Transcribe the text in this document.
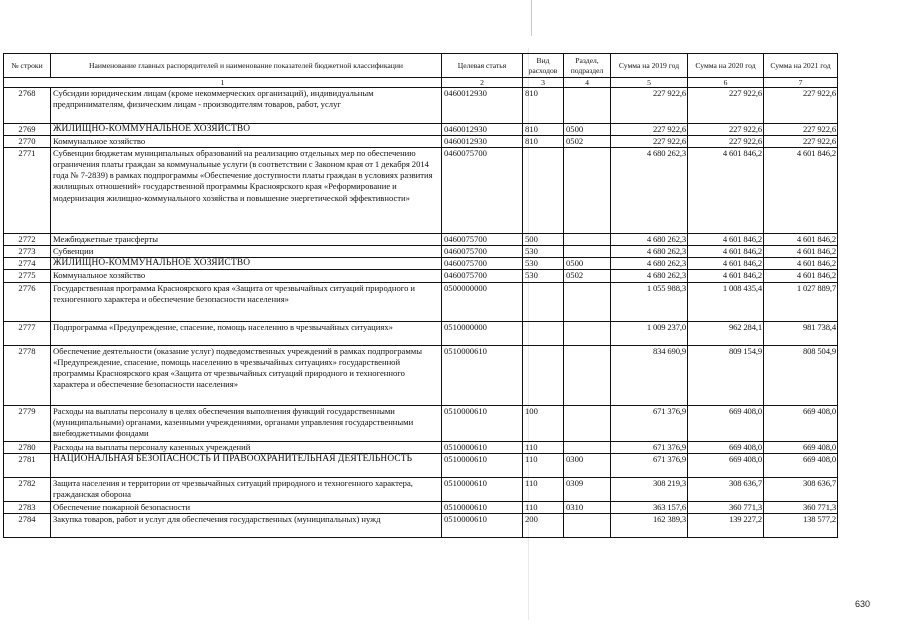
№ строки	Наименование главных распорядителей и наименование показателей бюджетной классификации	Целевая статья	Вид расходов	Раздел, подраздел	Сумма на 2019 год	Сумма на 2020 год	Сумма на 2021 год
1		2	3	4	5	6	7
2768	Субсидии юридическим лицам (кроме некоммерческих организаций), индивидуальным предпринимателям, физическим лицам - производителям товаров, работ, услуг	0460012930	810		227 922,6	227 922,6	227 922,6
2769	ЖИЛИЩНО-КОММУНАЛЬНОЕ ХОЗЯЙСТВО	0460012930	810	0500	227 922,6	227 922,6	227 922,6
2770	Коммунальное хозяйство	0460012930	810	0502	227 922,6	227 922,6	227 922,6
2771	Субвенции бюджетам муниципальных образований на реализацию отдельных мер по обеспечению ограничения платы граждан за коммунальные услуги (в соответствии с Законом края от 1 декабря 2014 года № 7-2839) в рамках подпрограммы «Обеспечение доступности платы граждан в условиях развития жилищных отношений» государственной программы Красноярского края «Реформирование и модернизация жилищно-коммунального хозяйства и повышение энергетической эффективности»	0460075700			4 680 262,3	4 601 846,2	4 601 846,2
2772	Межбюджетные трансферты	0460075700	500		4 680 262,3	4 601 846,2	4 601 846,2
2773	Субвенции	0460075700	530		4 680 262,3	4 601 846,2	4 601 846,2
2774	ЖИЛИЩНО-КОММУНАЛЬНОЕ ХОЗЯЙСТВО	0460075700	530	0500	4 680 262,3	4 601 846,2	4 601 846,2
2775	Коммунальное хозяйство	0460075700	530	0502	4 680 262,3	4 601 846,2	4 601 846,2
2776	Государственная программа Красноярского края «Защита от чрезвычайных ситуаций природного и техногенного характера и обеспечение безопасности населения»	0500000000			1 055 988,3	1 008 435,4	1 027 889,7
2777	Подпрограмма «Предупреждение, спасение, помощь населению в чрезвычайных ситуациях»	0510000000			1 009 237,0	962 284,1	981 738,4
2778	Обеспечение деятельности (оказание услуг) подведомственных учреждений в рамках подпрограммы «Предупреждение, спасение, помощь населению в чрезвычайных ситуациях» государственной программы Красноярского края «Защита от чрезвычайных ситуаций природного и техногенного характера и обеспечение безопасности населения»	0510000610			834 690,9	809 154,9	808 504,9
2779	Расходы на выплаты персоналу в целях обеспечения выполнения функций государственными (муниципальными) органами, казенными учреждениями, органами управления государственными внебюджетными фондами	0510000610	100		671 376,9	669 408,0	669 408,0
2780	Расходы на выплаты персоналу казенных учреждений	0510000610	110		671 376,9	669 408,0	669 408,0
2781	НАЦИОНАЛЬНАЯ БЕЗОПАСНОСТЬ И ПРАВООХРАНИТЕЛЬНАЯ ДЕЯТЕЛЬНОСТЬ	0510000610	110	0300	671 376,9	669 408,0	669 408,0
2782	Защита населения и территории от чрезвычайных ситуаций природного и техногенного характера, гражданская оборона	0510000610	110	0309	308 219,3	308 636,7	308 636,7
2783	Обеспечение пожарной безопасности	0510000610	110	0310	363 157,6	360 771,3	360 771,3
2784	Закупка товаров, работ и услуг для обеспечения государственных (муниципальных) нужд	0510000610	200		162 389,3	139 227,2	138 577,2
630
